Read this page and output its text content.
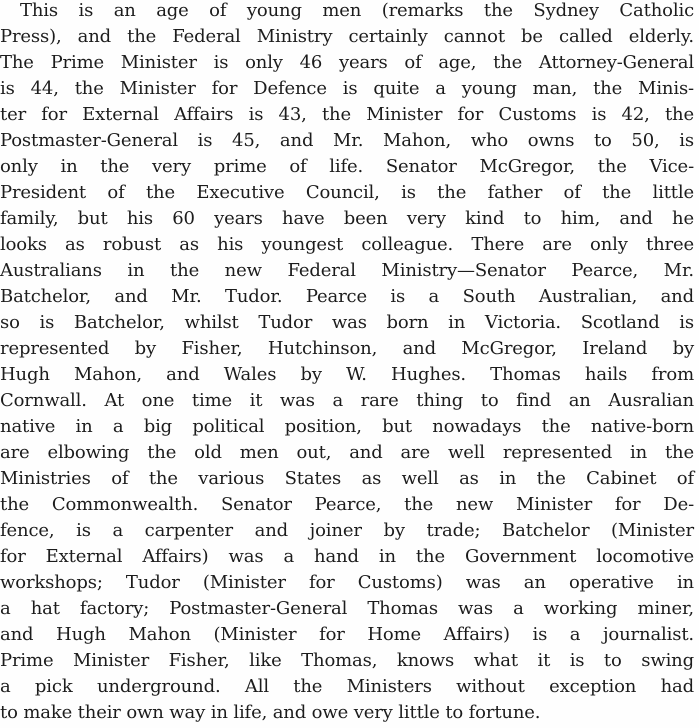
This is an age of young men (remarks the Sydney Catholic
Press), and the Federal Ministry certainly cannot be called elderly.
The Prime Minister is only 46 years of age, the Attorney-General
is 44, the Minister for Defence is quite a young man, the Minis-
ter for External Affairs is 43, the Minister for Customs is 42, the
Postmaster-General is 45, and Mr. Mahon, who owns to 50, is
only in the very prime of life. Senator McGregor, the Vice-
President of the Executive Council, is the father of the little
family, but his 60 years have been very kind to him, and he
looks as robust as his youngest colleague. There are only three
Australians in the new Federal Ministry—Senator Pearce, Mr.
Batchelor, and Mr. Tudor. Pearce is a South Australian, and
so is Batchelor, whilst Tudor was born in Victoria. Scotland is
represented by Fisher, Hutchinson, and McGregor, Ireland by
Hugh Mahon, and Wales by W. Hughes. Thomas hails from
Cornwall. At one time it was a rare thing to find an Ausralian
native in a big political position, but nowadays the native-born
are elbowing the old men out, and are well represented in the
Ministries of the various States as well as in the Cabinet of
the Commonwealth. Senator Pearce, the new Minister for De-
fence, is a carpenter and joiner by trade; Batchelor (Minister
for External Affairs) was a hand in the Government locomotive
workshops; Tudor (Minister for Customs) was an operative in
a hat factory; Postmaster-General Thomas was a working miner,
and Hugh Mahon (Minister for Home Affairs) is a journalist.
Prime Minister Fisher, like Thomas, knows what it is to swing
a pick underground. All the Ministers without exception had
to make their own way in life, and owe very little to fortune.
